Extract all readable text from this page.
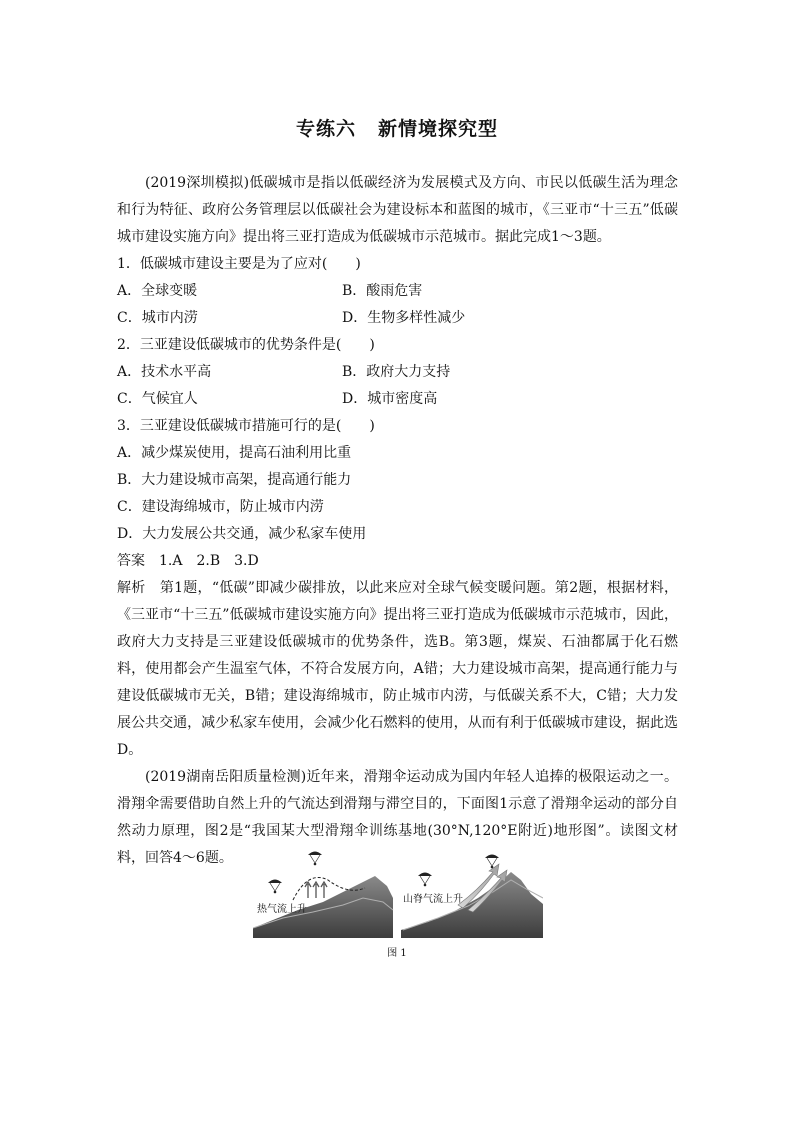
专练六 新情境探究型

(2019深圳模拟)低碳城市是指以低碳经济为发展模式及方向、市民以低碳生活为理念和行为特征、政府公务管理层以低碳社会为建设标本和蓝图的城市，《三亚市“十三五”低碳城市建设实施方向》提出将三亚打造成为低碳城市示范城市。据此完成1～3题。

1．低碳城市建设主要是为了应对(　　)

A．全球变暖	B．酸雨危害
C．城市内涝	D．生物多样性减少

2．三亚建设低碳城市的优势条件是(　　)

A．技术水平高	B．政府大力支持
C．气候宜人	D．城市密度高

3．三亚建设低碳城市措施可行的是(　　)

A．减少煤炭使用，提高石油利用比重

B．大力建设城市高架，提高通行能力

C．建设海绵城市，防止城市内涝

D．大力发展公共交通，减少私家车使用

答案　 1.A　2.B　3.D

解析　 第1题，“低碳”即减少碳排放，以此来应对全球气候变暖问题。第2题，根据材料，《三亚市“十三五”低碳城市建设实施方向》提出将三亚打造成为低碳城市示范城市，因此，政府大力支持是三亚建设低碳城市的优势条件，选B。第3题，煤炭、石油都属于化石燃料，使用都会产生温室气体，不符合发展方向，A错；大力建设城市高架，提高通行能力与建设低碳城市无关，B错；建设海绵城市，防止城市内涝，与低碳关系不大，C错；大力发展公共交通，减少私家车使用，会减少化石燃料的使用，从而有利于低碳城市建设，据此选D。

(2019湖南岳阳质量检测)近年来，滑翔伞运动成为国内年轻人追捧的极限运动之一。滑翔伞需要借助自然上升的气流达到滑翔与滞空目的，下面图1示意了滑翔伞运动的部分自然动力原理，图2是“我国某大型滑翔伞训练基地(30°N,120°E附近)地形图”。读图文材料，回答4～6题。

热气流上升
山脊气流上升
图 1
